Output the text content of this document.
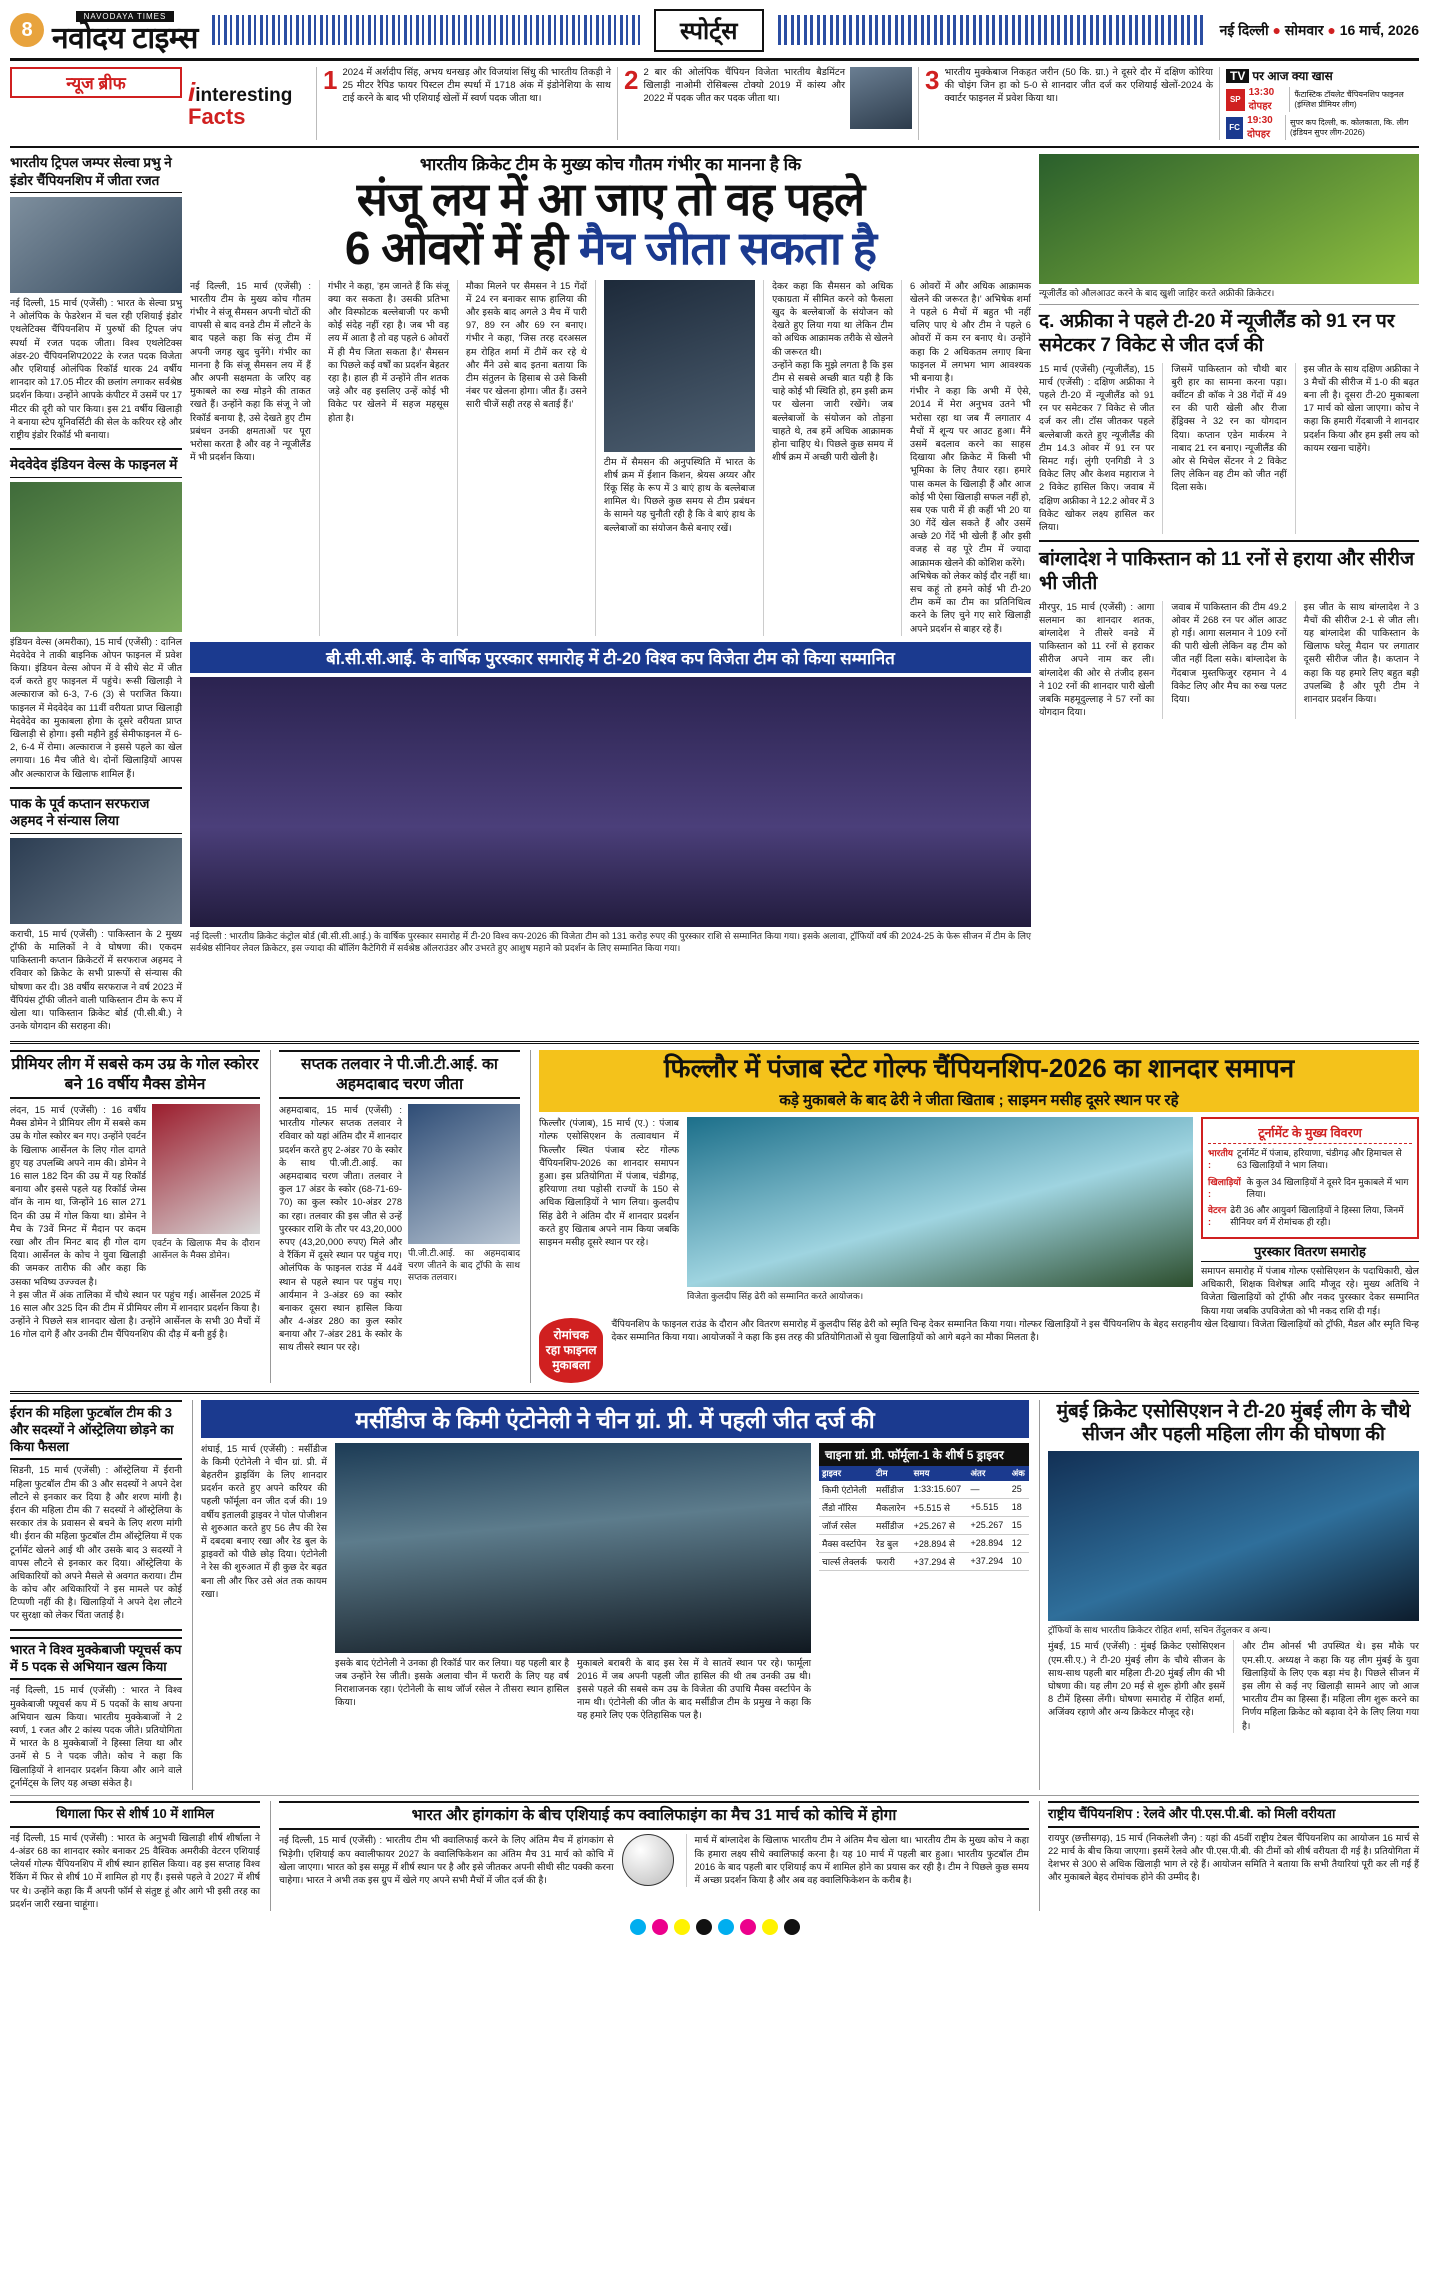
8
NAVODAYA TIMES
नवोदय टाइम्स	स्पोर्ट्स	नई दिल्ली ● सोमवार ● 16 मार्च, 2026
न्यूज ब्रीफ	iinteresting
Facts
1 2024 में अर्शदीप सिंह, अभय धनखड़ और विजयांश सिंधु की भारतीय तिकड़ी ने 25 मीटर रैपिड फायर पिस्टल टीम स्पर्धा में 1718 अंक में इंडोनेशिया के साथ टाई करने के बाद भी एशियाई खेलों में स्वर्ण पदक जीता था।
2 2 बार की ओलंपिक चैंपियन विजेता भारतीय बैडमिंटन खिलाड़ी नाओमी रोसिबल्स टोक्यो 2019 में कांस्य और 2022 में पदक जीत कर पदक जीता था।
3 भारतीय मुक्केबाज निकहत जरीन (50 कि. ग्रा.) ने दूसरे दौर में दक्षिण कोरिया की चोइंग जिन हा को 5-0 से शानदार जीत दर्ज कर एशियाई खेलों-2024 के क्वार्टर फाइनल में प्रवेश किया था।
TV पर आज क्या खास
SP
13:30 दोपहर
फैंटास्टिक टॉयलेट चैंपियनशिप फाइनल (इंग्लिश प्रीमियर लीग)
FC
19:30 दोपहर
सुपर कप दिल्ली, क. कोलकाता, कि. लीग (इंडियन सुपर लीग-2026)
भारतीय ट्रिपल जम्पर सेल्वा प्रभु ने इंडोर चैंपियनशिप में जीता रजत
नई दिल्ली, 15 मार्च (एजेंसी) : भारत के सेल्वा प्रभु ने ओलंपिक के फेडरेशन में चल रही एशियाई इंडोर एथलेटिक्स चैंपियनशिप में पुरुषों की ट्रिपल जंप स्पर्धा में रजत पदक जीता। विश्व एथलेटिक्स अंडर-20 चैंपियनशिप2022 के रजत पदक विजेता और एशियाई ओलंपिक रिकॉर्ड धारक 24 वर्षीय शानदार को 17.05 मीटर की छलांग लगाकर सर्वश्रेष्ठ प्रदर्शन किया। उन्होंने आपके कंपीटर में उसमें पर 17 मीटर की दूरी को पार किया। इस 21 वर्षीय खिलाड़ी ने बनाया स्टेप यूनिवर्सिटी की सेल के करियर रहे और राष्ट्रीय इंडोर रिकॉर्ड भी बनाया।
मेदवेदेव इंडियन वेल्स के फाइनल में
इंडियन वेल्स (अमरीका), 15 मार्च (एजेंसी) : दानिल मेदवेदेव ने ताकी बाइनिक ओपन फाइनल में प्रवेश किया। इंडियन वेल्स ओपन में वे सीधे सेट में जीत दर्ज करते हुए फाइनल में पहुंचे। रूसी खिलाड़ी ने अल्काराज को 6-3, 7-6 (3) से पराजित किया। फाइनल में मेदवेदेव का 11वीं वरीयता प्राप्त खिलाड़ी मेदवेदेव का मुकाबला होगा के दूसरे वरीयता प्राप्त खिलाड़ी से होगा। इसी महीने हुई सेमीफाइनल में 6-2, 6-4 में रोमा। अल्काराज ने इससे पहले का खेल लगाया। 16 मैच जीते थे। दोनों खिलाड़ियों आपस और अल्काराज के खिलाफ शामिल हैं।
पाक के पूर्व कप्तान सरफराज अहमद ने संन्यास लिया
कराची, 15 मार्च (एजेंसी) : पाकिस्तान के 2 मुख्य ट्रॉफी के मालिकों ने वे घोषणा की। एकदम पाकिस्तानी कप्तान क्रिकेटरों में सरफराज अहमद ने रविवार को क्रिकेट के सभी प्रारूपों से संन्यास की घोषणा कर दी। 38 वर्षीय सरफराज ने वर्ष 2023 में चैंपियंस ट्रॉफी जीतने वाली पाकिस्तान टीम के रूप में खेला था। पाकिस्तान क्रिकेट बोर्ड (पी.सी.बी.) ने उनके योगदान की सराहना की।
भारतीय क्रिकेट टीम के मुख्य कोच गौतम गंभीर का मानना है कि
संजू लय में आ जाए तो वह पहले
6 ओवरों में ही मैच जीता सकता है
नई दिल्ली, 15 मार्च (एजेंसी) : भारतीय टीम के मुख्य कोच गौतम गंभीर ने संजू सैमसन अपनी चोटों की वापसी से बाद वनडे टीम में लौटने के बाद पहले कहा कि संजू टीम में अपनी जगह खुद चुनेंगे। गंभीर का मानना है कि संजू सैमसन लय में हैं और अपनी सक्षमता के जरिए वह मुकाबले का रुख मोड़ने की ताकत रखते हैं। उन्होंने कहा कि संजू ने जो रिकॉर्ड बनाया है, उसे देखते हुए टीम प्रबंधन उनकी क्षमताओं पर पूरा भरोसा करता है और वह ने न्यूजीलैंड में भी प्रदर्शन किया।
गंभीर ने कहा, 'हम जानते हैं कि संजू क्या कर सकता है। उसकी प्रतिभा और विस्फोटक बल्लेबाजी पर कभी कोई संदेह नहीं रहा है। जब भी वह लय में आता है तो वह पहले 6 ओवरों में ही मैच जिता सकता है।' सैमसन का पिछले कई वर्षों का प्रदर्शन बेहतर रहा है। हाल ही में उन्होंने तीन शतक जड़े और वह इसलिए उन्हें कोई भी विकेट पर खेलने में सहज महसूस होता है।
मौका मिलने पर सैमसन ने 15 गेंदों में 24 रन बनाकर साफ हालिया की और इसके बाद अगले 3 मैच में पारी 97, 89 रन और 69 रन बनाए। गंभीर ने कहा, 'जिस तरह दरअसल हम रोहित शर्मा में टीमें कर रहे थे और मैंने उसे बाद इतना बताया कि टीम संतुलन के हिसाब से उसे किसी नंबर पर खेलना होगा। जीत हैं। उसने सारी चीजें सही तरह से बताई हैं।'
टीम में सैमसन की अनुपस्थिति में भारत के शीर्ष क्रम में ईशान किशन, श्रेयस अय्यर और रिंकू सिंह के रूप में 3 बाएं हाथ के बल्लेबाज शामिल थे। पिछले कुछ समय से टीम प्रबंधन के सामने यह चुनौती रही है कि वे बाएं हाथ के बल्लेबाजों का संयोजन कैसे बनाए रखें।
देकर कहा कि सैमसन को अधिक एकाग्रता में सीमित करने को फैसला खुद के बल्लेबाजों के संयोजन को देखते हुए लिया गया था लेकिन टीम को अधिक आक्रामक तरीके से खेलने की जरूरत थी।
उन्होंने कहा कि मुझे लगता है कि इस टीम से सबसे अच्छी बात यही है कि चाहे कोई भी स्थिति हो, हम इसी क्रम पर खेलना जारी रखेंगे। जब बल्लेबाजों के संयोजन को तोड़ना चाहते थे, तब हमें अधिक आक्रामक होना चाहिए थे। पिछले कुछ समय में शीर्ष क्रम में अच्छी पारी खेली है।
6 ओवरों में और अधिक आक्रामक खेलने की जरूरत है।' अभिषेक शर्मा ने पहले 6 मैचों में बहुत भी नहीं चलिए पाए थे और टीम ने पहले 6 ओवरों में कम रन बनाए थे। उन्होंने कहा कि 2 अधिकतम लगाए बिना फाइनल में लगभग भाग आवश्यक भी बनाया है।
गंभीर ने कहा कि अभी में ऐसे, 2014 में मेरा अनुभव उतने भी भरोसा रहा था जब मैं लगातार 4 मैचों में शून्य पर आउट हुआ। मैंने उसमें बदलाव करने का साहस दिखाया और क्रिकेट में किसी भी भूमिका के लिए तैयार रहा। हमारे पास कमल के खिलाड़ी हैं और आज कोई भी ऐसा खिलाड़ी सफल नहीं हो, सब एक पारी में ही कहीं भी 20 या 30 गेंदें खेल सकते हैं और उसमें अच्छे 20 गेंदें भी खेली हैं और इसी वजह से वह पूरे टीम में ज्यादा आक्रामक खेलने की कोशिश करेंगे।
अभिषेक को लेकर कोई दौर नहीं था। सच कहूं तो हमने कोई भी टी-20 टीम कमें का टीम का प्रतिनिधित्व करने के लिए चुने गए सारे खिलाड़ी अपने प्रदर्शन से बाहर रहे हैं।
बी.सी.सी.आई. के वार्षिक पुरस्कार समारोह में टी-20 विश्व कप विजेता टीम को किया सम्मानित
नई दिल्ली : भारतीय क्रिकेट कंट्रोल बोर्ड (बी.सी.सी.आई.) के वार्षिक पुरस्कार समारोह में टी-20 विश्व कप-2026 की विजेता टीम को 131 करोड़ रुपए की पुरस्कार राशि से सम्मानित किया गया। इसके अलावा, ट्रॉफियों वर्ष की 2024-25 के फेरू सीजन में टीम के लिए सर्वश्रेष्ठ सीनियर लेवल क्रिकेटर, इस ज्यादा की बॉलिंग कैटेगिरी में सर्वश्रेष्ठ ऑलराउंडर और उभरते हुए आशुष महाने को प्रदर्शन के लिए सम्मानित किया गया।
न्यूजीलैंड को औलआउट करने के बाद खुशी जाहिर करते अफ्रीकी क्रिकेटर।
द. अफ्रीका ने पहले टी-20 में न्यूजीलैंड को 91 रन पर समेटकर 7 विकेट से जीत दर्ज की
15 मार्च (एजेंसी) (न्यूजीलैंड), 15 मार्च (एजेंसी) : दक्षिण अफ्रीका ने पहले टी-20 में न्यूजीलैंड को 91 रन पर समेटकर 7 विकेट से जीत दर्ज कर ली। टॉस जीतकर पहले बल्लेबाजी करते हुए न्यूजीलैंड की टीम 14.3 ओवर में 91 रन पर सिमट गई। लुंगी एनगिडी ने 3 विकेट लिए और केशव महाराज ने 2 विकेट हासिल किए। जवाब में दक्षिण अफ्रीका ने 12.2 ओवर में 3 विकेट खोकर लक्ष्य हासिल कर लिया।
जिसमें पाकिस्तान को चौथी बार बुरी हार का सामना करना पड़ा। क्वींटन डी कॉक ने 38 गेंदों में 49 रन की पारी खेली और रीजा हेंड्रिक्स ने 32 रन का योगदान दिया। कप्तान एडेन मार्करम ने नाबाद 21 रन बनाए। न्यूजीलैंड की ओर से मिचेल सेंटनर ने 2 विकेट लिए लेकिन वह टीम को जीत नहीं दिला सके।
इस जीत के साथ दक्षिण अफ्रीका ने 3 मैचों की सीरीज में 1-0 की बढ़त बना ली है। दूसरा टी-20 मुकाबला 17 मार्च को खेला जाएगा। कोच ने कहा कि हमारी गेंदबाजी ने शानदार प्रदर्शन किया और हम इसी लय को कायम रखना चाहेंगे।
बांग्लादेश ने पाकिस्तान को 11 रनों से हराया और सीरीज भी जीती
मीरपुर, 15 मार्च (एजेंसी) : आगा सलमान का शानदार शतक, बांग्लादेश ने तीसरे वनडे में पाकिस्तान को 11 रनों से हराकर सीरीज अपने नाम कर ली। बांग्लादेश की ओर से तंजीद हसन ने 102 रनों की शानदार पारी खेली जबकि महमूदुल्लाह ने 57 रनों का योगदान दिया।
जवाब में पाकिस्तान की टीम 49.2 ओवर में 268 रन पर ऑल आउट हो गई। आगा सलमान ने 109 रनों की पारी खेली लेकिन वह टीम को जीत नहीं दिला सके। बांग्लादेश के गेंदबाज मुस्तफिजुर रहमान ने 4 विकेट लिए और मैच का रुख पलट दिया।
इस जीत के साथ बांग्लादेश ने 3 मैचों की सीरीज 2-1 से जीत ली। यह बांग्लादेश की पाकिस्तान के खिलाफ घरेलू मैदान पर लगातार दूसरी सीरीज जीत है। कप्तान ने कहा कि यह हमारे लिए बहुत बड़ी उपलब्धि है और पूरी टीम ने शानदार प्रदर्शन किया।
प्रीमियर लीग में सबसे कम उम्र के गोल स्कोरर बने 16 वर्षीय मैक्स डोमेन
लंदन, 15 मार्च (एजेंसी) : 16 वर्षीय मैक्स डोमेन ने प्रीमियर लीग में सबसे कम उम्र के गोल स्कोरर बन गए। उन्होंने एवर्टन के खिलाफ आर्सेनल के लिए गोल दागते हुए यह उपलब्धि अपने नाम की। डोमेन ने 16 साल 182 दिन की उम्र में यह रिकॉर्ड बनाया और इससे पहले यह रिकॉर्ड जेम्स वॉन के नाम था, जिन्होंने 16 साल 271 दिन की उम्र में गोल किया था। डोमेन ने मैच के 73वें मिनट में मैदान पर कदम रखा और तीन मिनट बाद ही गोल दाग दिया। आर्सेनल के कोच ने युवा खिलाड़ी की जमकर तारीफ की और कहा कि उसका भविष्य उज्ज्वल है।
एवर्टन के खिलाफ मैच के दौरान आर्सेनल के मैक्स डोमेन।
ने इस जीत में अंक तालिका में चौथे स्थान पर पहुंच गई। आर्सेनल 2025 में 16 साल और 325 दिन की टीम में प्रीमियर लीग में शानदार प्रदर्शन किया है। उन्होंने ने पिछले सत्र शानदार खेला है। उन्होंने आर्सेनल के सभी 30 मैचों में 16 गोल दागे हैं और उनकी टीम चैंपियनशिप की दौड़ में बनी हुई है।
सप्तक तलवार ने पी.जी.टी.आई. का अहमदाबाद चरण जीता
अहमदाबाद, 15 मार्च (एजेंसी) : भारतीय गोल्फर सप्तक तलवार ने रविवार को यहां अंतिम दौर में शानदार प्रदर्शन करते हुए 2-अंडर 70 के स्कोर के साथ पी.जी.टी.आई. का अहमदाबाद चरण जीता। तलवार ने कुल 17 अंडर के स्कोर (68-71-69-70) का कुल स्कोर 10-अंडर 278 का रहा। तलवार की इस जीत से उन्हें पुरस्कार राशि के तौर पर 43,20,000 रुपए (43,20,000 रुपए) मिले और वे रैंकिंग में दूसरे स्थान पर पहुंच गए। ओलंपिक के फाइनल राउंड में 44वें स्थान से पहले स्थान पर पहुंच गए। आर्यमान ने 3-अंडर 69 का स्कोर बनाकर दूसरा स्थान हासिल किया और 4-अंडर 280 का कुल स्कोर बनाया और 7-अंडर 281 के स्कोर के साथ तीसरे स्थान पर रहे।
पी.जी.टी.आई. का अहमदाबाद चरण जीतने के बाद ट्रॉफी के साथ सप्तक तलवार।
फिल्लौर में पंजाब स्टेट गोल्फ चैंपियनशिप-2026 का शानदार समापन
कड़े मुकाबले के बाद ढेरी ने जीता खिताब ; साइमन मसीह दूसरे स्थान पर रहे
फिल्लौर (पंजाब), 15 मार्च (ए.) : पंजाब गोल्फ एसोसिएशन के तत्वावधान में फिल्लौर स्थित पंजाब स्टेट गोल्फ चैंपियनशिप-2026 का शानदार समापन हुआ। इस प्रतियोगिता में पंजाब, चंडीगढ़, हरियाणा तथा पड़ोसी राज्यों के 150 से अधिक खिलाड़ियों ने भाग लिया। कुलदीप सिंह ढेरी ने अंतिम दौर में शानदार प्रदर्शन करते हुए खिताब अपने नाम किया जबकि साइमन मसीह दूसरे स्थान पर रहे।
विजेता कुलदीप सिंह ढेरी को सम्मानित करते आयोजक।
टूर्नामेंट के मुख्य विवरण
भारतीय :
टूर्नामेंट में पंजाब, हरियाणा, चंडीगढ़ और हिमाचल से 63 खिलाड़ियों ने भाग लिया।
खिलाड़ियों :
के कुल 34 खिलाड़ियों ने दूसरे दिन मुकाबले में भाग लिया।
वेटरन :
ढेरी 36 और आयुवर्ग खिलाड़ियों ने हिस्सा लिया, जिनमें सीनियर वर्ग में रोमांचक ही रही।
पुरस्कार वितरण समारोह
समापन समारोह में पंजाब गोल्फ एसोसिएशन के पदाधिकारी, खेल अधिकारी, शिक्षक विशेषज्ञ आदि मौजूद रहे। मुख्य अतिथि ने विजेता खिलाड़ियों को ट्रॉफी और नकद पुरस्कार देकर सम्मानित किया गया जबकि उपविजेता को भी नकद राशि दी गई।
रोमांचक रहा फाइनल मुकाबला
चैंपियनशिप के फाइनल राउंड के दौरान और वितरण समारोह में कुलदीप सिंह ढेरी को स्मृति चिन्ह देकर सम्मानित किया गया। गोल्फर खिलाड़ियों ने इस चैंपियनशिप के बेहद सराहनीय खेल दिखाया। विजेता खिलाड़ियों को ट्रॉफी, मैडल और स्मृति चिन्ह देकर सम्मानित किया गया। आयोजकों ने कहा कि इस तरह की प्रतियोगिताओं से युवा खिलाड़ियों को आगे बढ़ने का मौका मिलता है।
ईरान की महिला फुटबॉल टीम की 3 और सदस्यों ने ऑस्ट्रेलिया छोड़ने का किया फैसला
सिडनी, 15 मार्च (एजेंसी) : ऑस्ट्रेलिया में ईरानी महिला फुटबॉल टीम की 3 और सदस्यों ने अपने देश लौटने से इनकार कर दिया है और शरण मांगी है। ईरान की महिला टीम की 7 सदस्यों ने ऑस्ट्रेलिया के सरकार तंत्र के प्रवासन से बचने के लिए शरण मांगी थी। ईरान की महिला फुटबॉल टीम ऑस्ट्रेलिया में एक टूर्नामेंट खेलने आई थी और उसके बाद 3 सदस्यों ने वापस लौटने से इनकार कर दिया। ऑस्ट्रेलिया के अधिकारियों को अपने मैसले से अवगत कराया। टीम के कोच और अधिकारियों ने इस मामले पर कोई टिप्पणी नहीं की है। खिलाड़ियों ने अपने देश लौटने पर सुरक्षा को लेकर चिंता जताई है।
भारत ने विश्व मुक्केबाजी फ्यूचर्स कप में 5 पदक से अभियान खत्म किया
नई दिल्ली, 15 मार्च (एजेंसी) : भारत ने विश्व मुक्केबाजी फ्यूचर्स कप में 5 पदकों के साथ अपना अभियान खत्म किया। भारतीय मुक्केबाजों ने 2 स्वर्ण, 1 रजत और 2 कांस्य पदक जीते। प्रतियोगिता में भारत के 8 मुक्केबाजों ने हिस्सा लिया था और उनमें से 5 ने पदक जीते। कोच ने कहा कि खिलाड़ियों ने शानदार प्रदर्शन किया और आने वाले टूर्नामेंट्स के लिए यह अच्छा संकेत है।
मर्सीडीज के किमी एंटोनेली ने चीन ग्रां. प्री. में पहली जीत दर्ज की
शंघाई, 15 मार्च (एजेंसी) : मर्सीडीज के किमी एंटोनेली ने चीन ग्रां. प्री. में बेहतरीन ड्राइविंग के लिए शानदार प्रदर्शन करते हुए अपने करियर की पहली फॉर्मूला वन जीत दर्ज की। 19 वर्षीय इतालवी ड्राइवर ने पोल पोजीशन से शुरुआत करते हुए 56 लैप की रेस में दबदबा बनाए रखा और रेड बुल के ड्राइवरों को पीछे छोड़ दिया। एंटोनेली ने रेस की शुरुआत में ही कुछ देर बढ़त बना ली और फिर उसे अंत तक कायम रखा।
इसके बाद एंटोनेली ने उनका ही रिकॉर्ड पार कर लिया। यह पहली बार है जब उन्होंने रेस जीती। इसके अलावा चीन में फरारी के लिए यह वर्ष निराशाजनक रहा। एंटोनेली के साथ जॉर्ज रसेल ने तीसरा स्थान हासिल किया।
मुकाबले बराबरी के बाद इस रेस में वे सातवें स्थान पर रहे। फार्मूला 2016 में जब अपनी पहली जीत हासिल की थी तब उनकी उम्र थी। इससे पहले की सबसे कम उम्र के विजेता की उपाधि मैक्स वर्स्टापेन के नाम थी। एंटोनेली की जीत के बाद मर्सीडीज टीम के प्रमुख ने कहा कि यह हमारे लिए एक ऐतिहासिक पल है।
चाइना ग्रां. प्री. फॉर्मूला-1 के शीर्ष 5 ड्राइवर
ड्राइवर	टीम	समय	अंतर	अंक
किमी एंटोनेली	मर्सीडीज	1:33:15.607	—	25
लैंडो नॉरिस	मैकलारेन	+5.515 से	+5.515	18
जॉर्ज रसेल	मर्सीडीज	+25.267 से	+25.267	15
मैक्स वर्स्टापेन	रेड बुल	+28.894 से	+28.894	12
चार्ल्स लेक्लर्क	फरारी	+37.294 से	+37.294	10
मुंबई क्रिकेट एसोसिएशन ने टी-20 मुंबई लीग के चौथे सीजन और पहली महिला लीग की घोषणा की
ट्रॉफियों के साथ भारतीय क्रिकेटर रोहित शर्मा, सचिन तेंदुलकर व अन्य।
मुंबई, 15 मार्च (एजेंसी) : मुंबई क्रिकेट एसोसिएशन (एम.सी.ए.) ने टी-20 मुंबई लीग के चौथे सीजन के साथ-साथ पहली बार महिला टी-20 मुंबई लीग की भी घोषणा की। यह लीग 20 मई से शुरू होगी और इसमें 8 टीमें हिस्सा लेंगी। घोषणा समारोह में रोहित शर्मा, अजिंक्य रहाणे और अन्य क्रिकेटर मौजूद रहे।
और टीम ओनर्स भी उपस्थित थे। इस मौके पर एम.सी.ए. अध्यक्ष ने कहा कि यह लीग मुंबई के युवा खिलाड़ियों के लिए एक बड़ा मंच है। पिछले सीजन में इस लीग से कई नए खिलाड़ी सामने आए जो आज भारतीय टीम का हिस्सा हैं। महिला लीग शुरू करने का निर्णय महिला क्रिकेट को बढ़ावा देने के लिए लिया गया है।
थिगाला फिर से शीर्ष 10 में शामिल
नई दिल्ली, 15 मार्च (एजेंसी) : भारत के अनुभवी खिलाड़ी शीर्ष शीर्षाला ने 4-अंडर 68 का शानदार स्कोर बनाकर 25 वैश्विक अमरीकी वेटरन एशियाई प्लेयर्स गोल्फ चैंपियनशिप में शीर्ष स्थान हासिल किया। वह इस सप्ताह विश्व रैंकिंग में फिर से शीर्ष 10 में शामिल हो गए हैं। इससे पहले वे 2027 में शीर्ष पर थे। उन्होंने कहा कि मैं अपनी फॉर्म से संतुष्ट हूं और आगे भी इसी तरह का प्रदर्शन जारी रखना चाहूंगा।
भारत और हांगकांग के बीच एशियाई कप क्वालिफाइंग का मैच 31 मार्च को कोचि में होगा
नई दिल्ली, 15 मार्च (एजेंसी) : भारतीय टीम भी क्वालिफाई करने के लिए अंतिम मैच में हांगकांग से भिड़ेगी। एशियाई कप क्वालीफायर 2027 के क्वालिफिकेशन का अंतिम मैच 31 मार्च को कोचि में खेला जाएगा। भारत को इस समूह में शीर्ष स्थान पर है और इसे जीतकर अपनी सीधी सीट पक्की करना चाहेगा। भारत ने अभी तक इस ग्रुप में खेले गए अपने सभी मैचों में जीत दर्ज की है।
मार्च में बांग्लादेश के खिलाफ भारतीय टीम ने अंतिम मैच खेला था। भारतीय टीम के मुख्य कोच ने कहा कि हमारा लक्ष्य सीधे क्वालिफाई करना है। यह 10 मार्च में पहली बार हुआ। भारतीय फुटबॉल टीम 2016 के बाद पहली बार एशियाई कप में शामिल होने का प्रयास कर रही है। टीम ने पिछले कुछ समय में अच्छा प्रदर्शन किया है और अब वह क्वालिफिकेशन के करीब है।
राष्ट्रीय चैंपियनशिप : रेलवे और पी.एस.पी.बी. को मिली वरीयता
रायपुर (छत्तीसगढ़), 15 मार्च (निकलेशी जैन) : यहां की 45वीं राष्ट्रीय टेबल चैंपियनशिप का आयोजन 16 मार्च से 22 मार्च के बीच किया जाएगा। इसमें रेलवे और पी.एस.पी.बी. की टीमों को शीर्ष वरीयता दी गई है। प्रतियोगिता में देशभर से 300 से अधिक खिलाड़ी भाग ले रहे हैं। आयोजन समिति ने बताया कि सभी तैयारियां पूरी कर ली गई हैं और मुकाबले बेहद रोमांचक होने की उम्मीद है।
